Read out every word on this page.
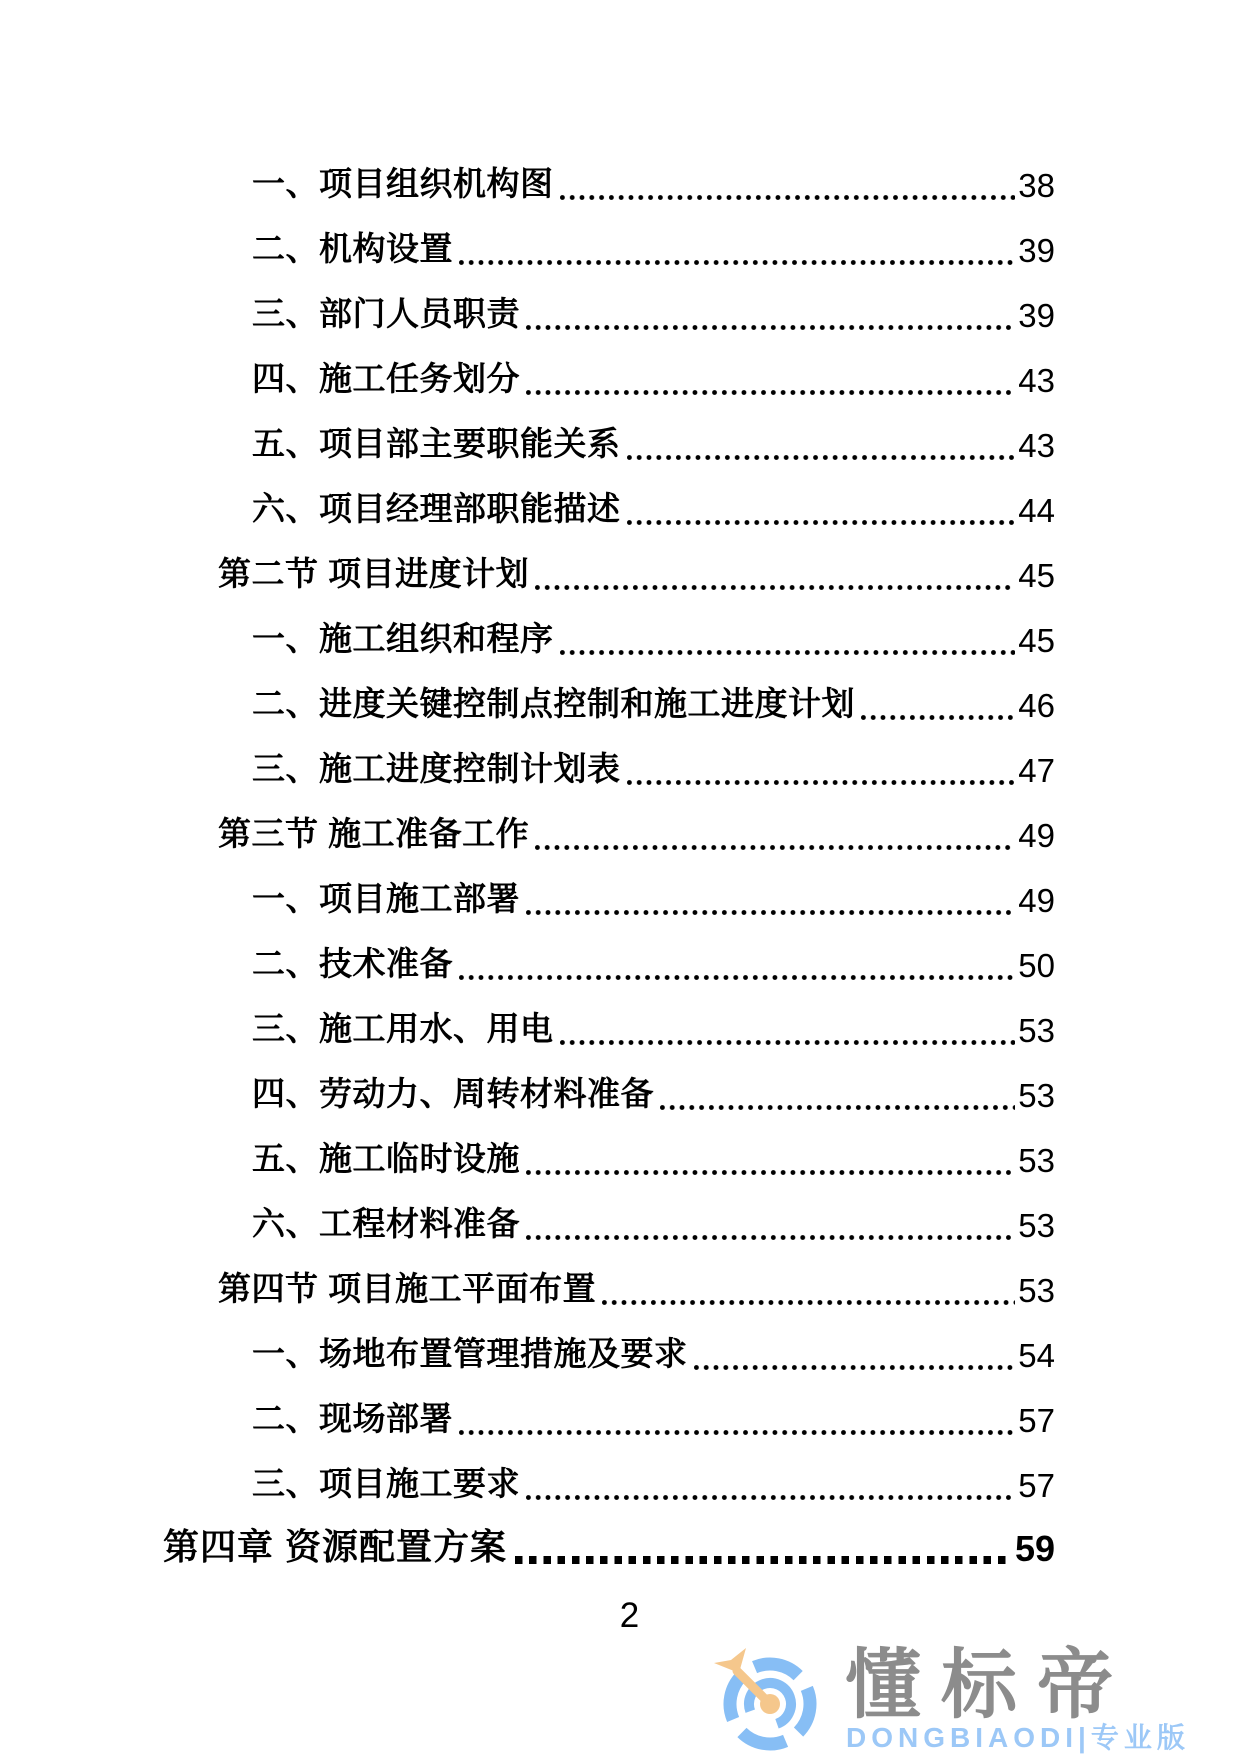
一、项目组织机构图	38
二、机构设置	39
三、部门人员职责	39
四、施工任务划分	43
五、项目部主要职能关系	43
六、项目经理部职能描述	44
第二节 项目进度计划	45
一、施工组织和程序	45
二、进度关键控制点控制和施工进度计划	46
三、施工进度控制计划表	47
第三节 施工准备工作	49
一、项目施工部署	49
二、技术准备	50
三、施工用水、用电	53
四、劳动力、周转材料准备	53
五、施工临时设施	53
六、工程材料准备	53
第四节 项目施工平面布置	53
一、场地布置管理措施及要求	54
二、现场部署	57
三、项目施工要求	57
第四章 资源配置方案	59
2
懂标帝
DONGBIAODI|专业版
